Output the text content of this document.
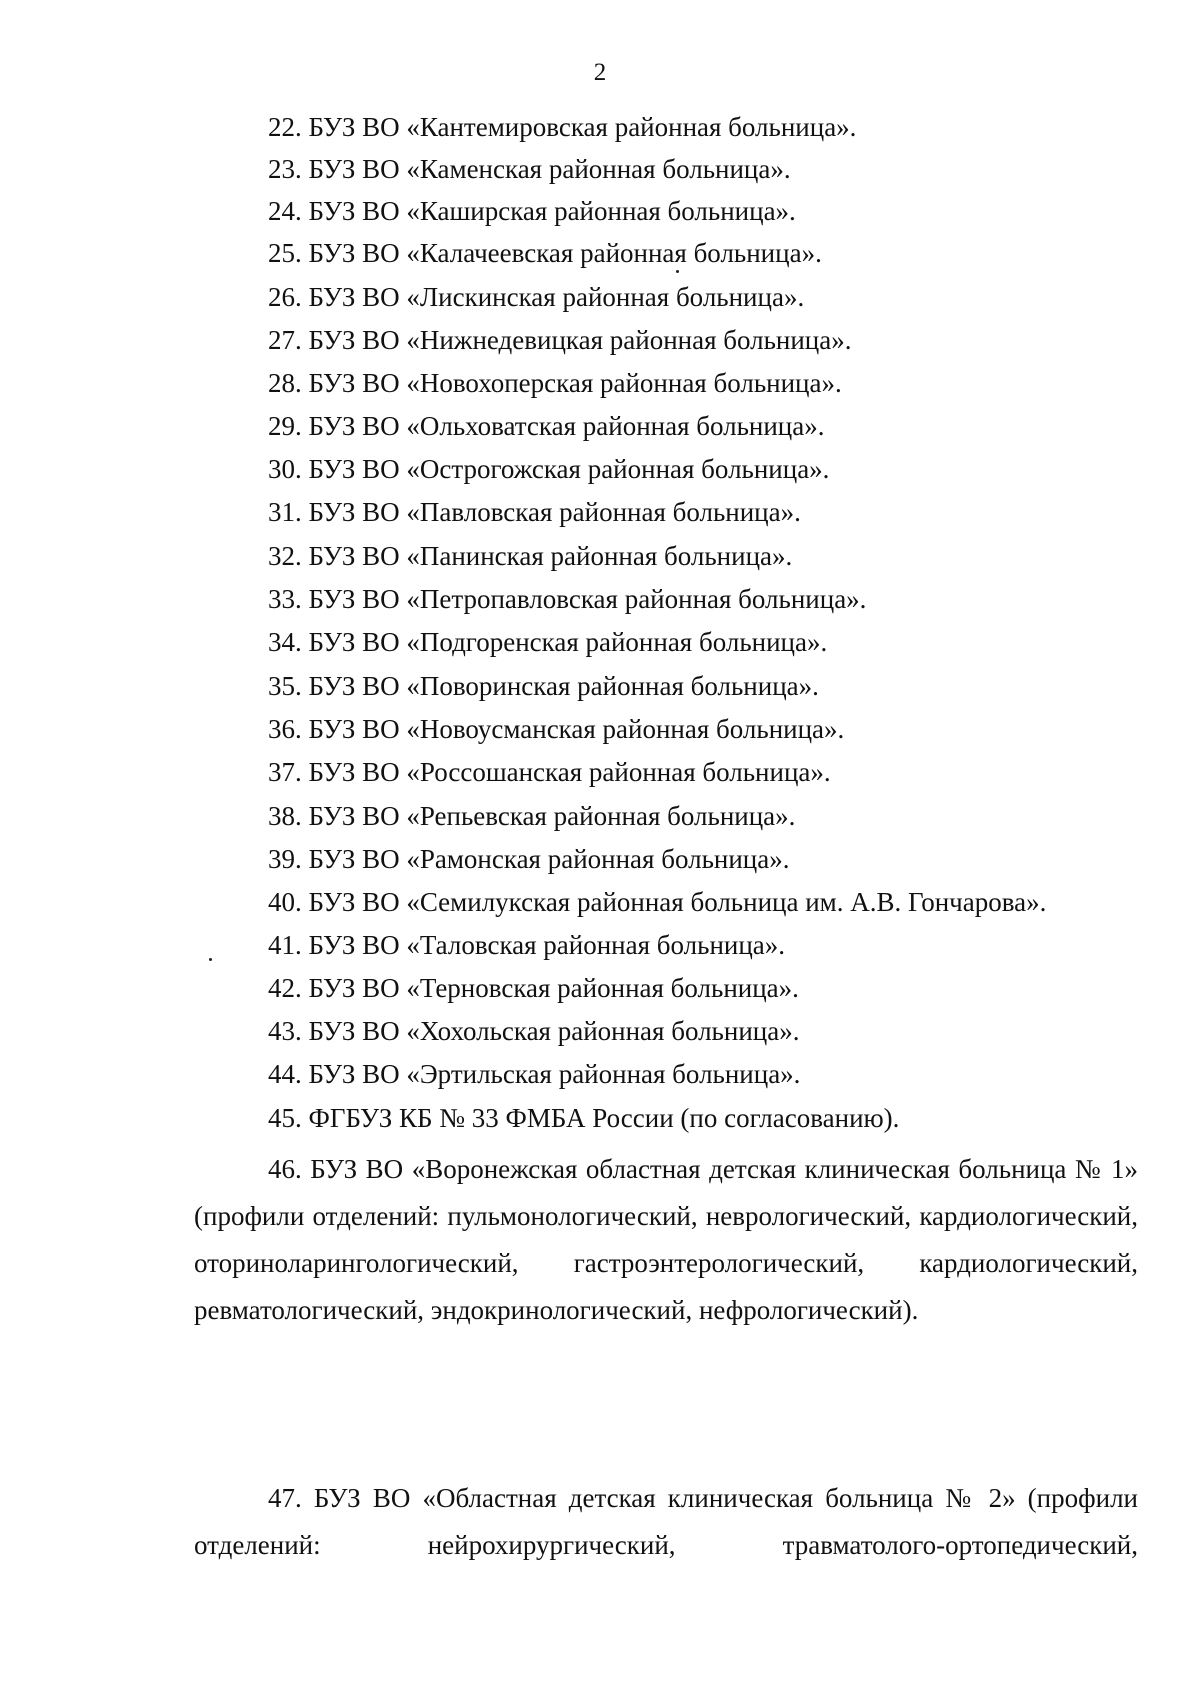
2
22. БУЗ ВО «Кантемировская районная больница».
23. БУЗ ВО «Каменская районная больница».
24. БУЗ ВО «Каширская районная больница».
25. БУЗ ВО «Калачеевская районная больница».
26. БУЗ ВО «Лискинская районная больница».
27. БУЗ ВО «Нижнедевицкая районная больница».
28. БУЗ ВО «Новохоперская районная больница».
29. БУЗ ВО «Ольховатская районная больница».
30. БУЗ ВО «Острогожская районная больница».
31. БУЗ ВО «Павловская районная больница».
32. БУЗ ВО «Панинская районная больница».
33. БУЗ ВО «Петропавловская районная больница».
34. БУЗ ВО «Подгоренская районная больница».
35. БУЗ ВО «Поворинская районная больница».
36. БУЗ ВО «Новоусманская районная больница».
37. БУЗ ВО «Россошанская районная больница».
38. БУЗ ВО «Репьевская районная больница».
39. БУЗ ВО «Рамонская районная больница».
40. БУЗ ВО «Семилукская районная больница им. А.В. Гончарова».
41. БУЗ ВО «Таловская районная больница».
42. БУЗ ВО «Терновская районная больница».
43. БУЗ ВО «Хохольская районная больница».
44. БУЗ ВО «Эртильская районная больница».
45. ФГБУЗ КБ № 33 ФМБА России (по согласованию).
46. БУЗ ВО «Воронежская областная детская клиническая больница № 1» (профили отделений: пульмонологический, неврологический, кардиологический, оториноларингологический, гастроэнтерологический, кардиологический, ревматологический, эндокринологический, нефрологический).
47. БУЗ ВО «Областная детская клиническая больница № 2» (профили отделений: нейрохирургический, травматолого-ортопедический,
